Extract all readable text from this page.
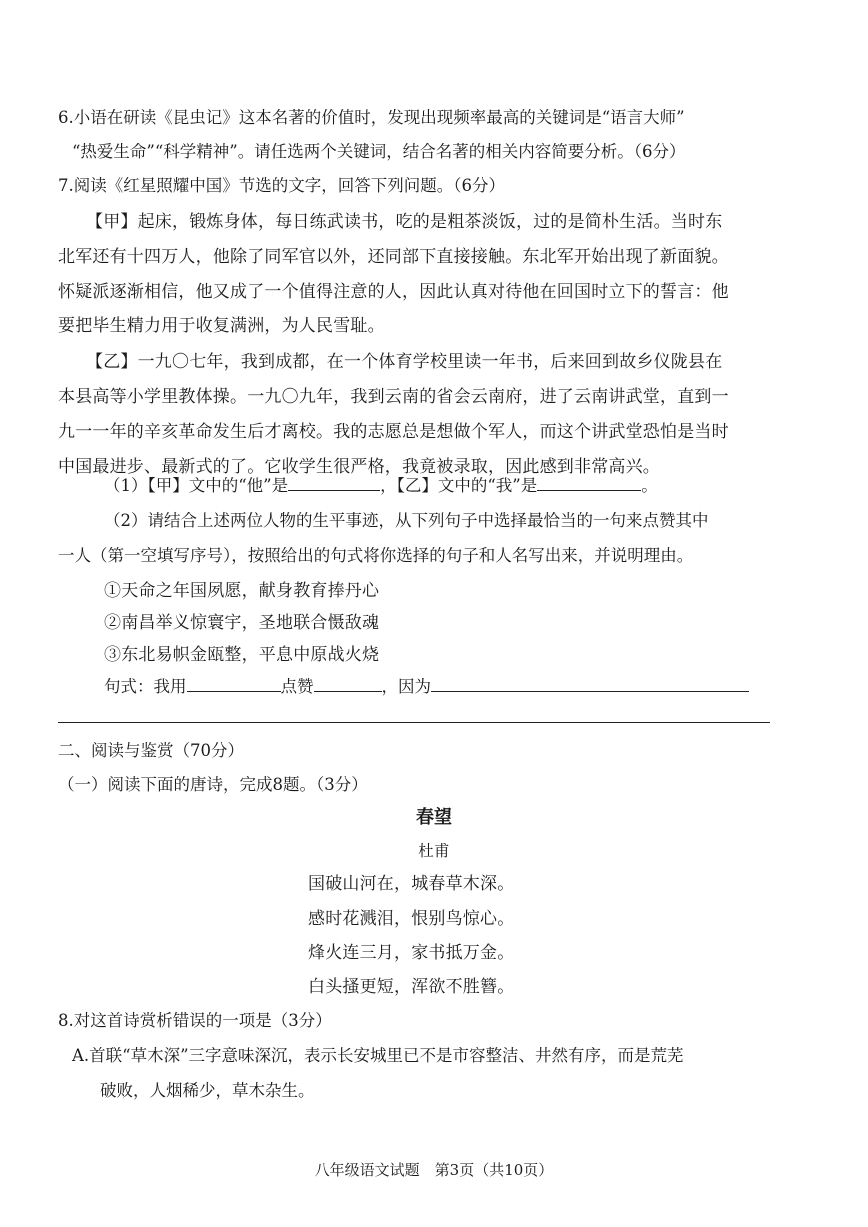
6.小语在研读《昆虫记》这本名著的价值时，发现出现频率最高的关键词是“语言大师”
“热爱生命”“科学精神”。请任选两个关键词，结合名著的相关内容简要分析。（6分）
7.阅读《红星照耀中国》节选的文字，回答下列问题。（6分）
【甲】起床，锻炼身体，每日练武读书，吃的是粗茶淡饭，过的是简朴生活。当时东
北军还有十四万人，他除了同军官以外，还同部下直接接触。东北军开始出现了新面貌。
怀疑派逐渐相信，他又成了一个值得注意的人，因此认真对待他在回国时立下的誓言：他
要把毕生精力用于收复满洲，为人民雪耻。
【乙】一九〇七年，我到成都，在一个体育学校里读一年书，后来回到故乡仪陇县在
本县高等小学里教体操。一九〇九年，我到云南的省会云南府，进了云南讲武堂，直到一
九一一年的辛亥革命发生后才离校。我的志愿总是想做个军人，而这个讲武堂恐怕是当时
中国最进步、最新式的了。它收学生很严格，我竟被录取，因此感到非常高兴。
（1）【甲】文中的“他”是	，【乙】文中的“我”是	。
（2）请结合上述两位人物的生平事迹，从下列句子中选择最恰当的一句来点赞其中
一人（第一空填写序号），按照给出的句式将你选择的句子和人名写出来，并说明理由。
①天命之年国夙愿，献身教育捧丹心
②南昌举义惊寰宇，圣地联合慑敌魂
③东北易帜金瓯整，平息中原战火烧
句式：我用	点赞	，因为
二、阅读与鉴赏（70分）
（一）阅读下面的唐诗，完成8题。（3分）
春望
杜甫
国破山河在，城春草木深。
感时花溅泪，恨别鸟惊心。
烽火连三月，家书抵万金。
白头搔更短，浑欲不胜簪。
8.对这首诗赏析错误的一项是（3分）
A.首联“草木深”三字意味深沉，表示长安城里已不是市容整洁、井然有序，而是荒芜
破败，人烟稀少，草木杂生。
八年级语文试题　第3页（共10页）
